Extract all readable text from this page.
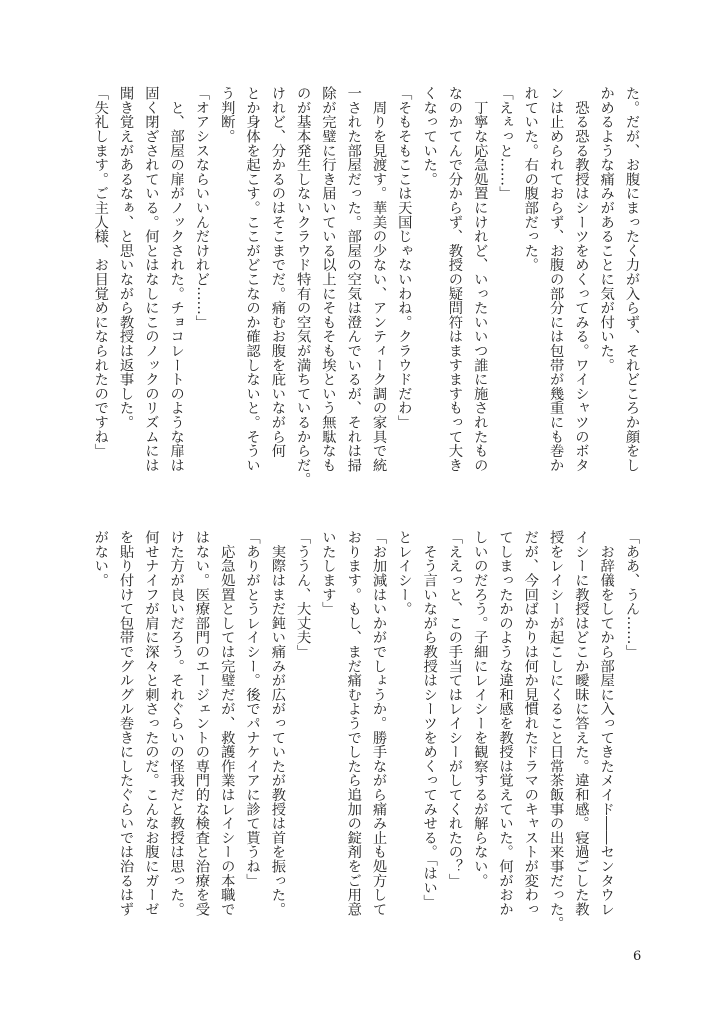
た。だが、お腹にまったく力が入らず、それどころか顔をし
かめるような痛みがあることに気が付いた。
　恐る恐る教授はシーツをめくってみる。ワイシャツのボタ
ンは止められておらず、お腹の部分には包帯が幾重にも巻か
れていた。右の腹部だった。
「えぇっと……」
　丁寧な応急処置にけれど、いったいいつ誰に施されたもの
なのかてんで分からず、教授の疑問符はますますもって大き
くなっていた。
「そもそもここは天国じゃないわね。クラウドだわ」
　周りを見渡す。華美の少ない、アンティーク調の家具で統
一された部屋だった。部屋の空気は澄んでいるが、それは掃
除が完璧に行き届いている以上にそもそも埃という無駄なも
のが基本発生しないクラウド特有の空気が満ちているからだ。
けれど、分かるのはそこまでだ。痛むお腹を庇いながら何
とか身体を起こす。ここがどこなのか確認しないと。そうい
う判断。
「オアシスならいいんだけれど……」
　と、部屋の扉がノックされた。チョコレートのような扉は
固く閉ざされている。何とはなしにこのノックのリズムには
聞き覚えがあるなぁ、と思いながら教授は返事した。
「失礼します。ご主人様、お目覚めになられたのですね」
「ああ、うん……」
　お辞儀をしてから部屋に入ってきたメイド――センタウレ
イシーに教授はどこか曖昧に答えた。違和感。寝過ごした教
授をレイシーが起こしにくること日常茶飯事の出来事だった。
だが、今回ばかりは何か見慣れたドラマのキャストが変わっ
てしまったかのような違和感を教授は覚えていた。何がおか
しいのだろう。子細にレイシーを観察するが解らない。
「ええっと、この手当てはレイシーがしてくれたの？」
　そう言いながら教授はシーツをめくってみせる。「はい」
とレイシー。
「お加減はいかがでしょうか。勝手ながら痛み止も処方して
おります。もし、まだ痛むようでしたら追加の錠剤をご用意
いたします」
「ううん、大丈夫」
　実際はまだ鈍い痛みが広がっていたが教授は首を振った。
「ありがとうレイシー。後でパナケイアに診て貰うね」
　応急処置としては完璧だが、救護作業はレイシーの本職で
はない。医療部門のエージェントの専門的な検査と治療を受
けた方が良いだろう。それぐらいの怪我だと教授は思った。
何せナイフが肩に深々と刺さったのだ。こんなお腹にガーゼ
を貼り付けて包帯でグルグル巻きにしたぐらいでは治るはず
がない。
6
